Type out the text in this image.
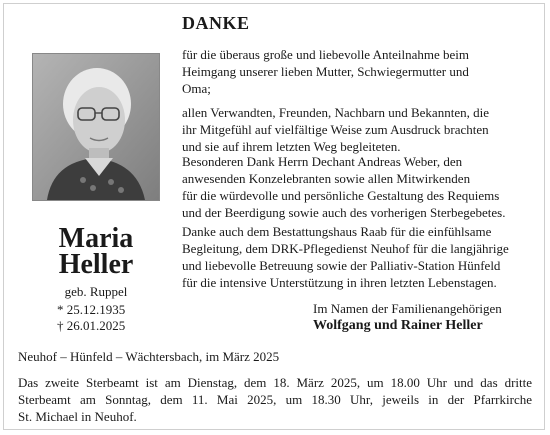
DANKE

für die überaus große und liebevolle Anteilnahme beim
Heimgang unserer lieben Mutter, Schwiegermutter und
Oma;

allen Verwandten, Freunden, Nachbarn und Bekannten, die
ihr Mitgefühl auf vielfältige Weise zum Ausdruck brachten
und sie auf ihrem letzten Weg begleiteten.

Besonderen Dank Herrn Dechant Andreas Weber, den
anwesenden Konzelebranten sowie allen Mitwirkenden
für die würdevolle und persönliche Gestaltung des Requiems
und der Beerdigung sowie auch des vorherigen Sterbegebetes.

Danke auch dem Bestattungshaus Raab für die einfühlsame
Begleitung, dem DRK-Pflegedienst Neuhof für die langjährige
und liebevolle Betreuung sowie der Palliativ-Station Hünfeld
für die intensive Unterstützung in ihren letzten Lebenstagen.

Maria
Heller
geb. Ruppel
* 25.12.1935
† 26.01.2025
Im Namen der Familienangehörigen
Wolfgang und Rainer Heller
Neuhof – Hünfeld – Wächtersbach, im März 2025
Das zweite Sterbeamt ist am Dienstag, dem 18. März 2025, um 18.00 Uhr und das dritte
Sterbeamt am Sonntag, dem 11. Mai 2025, um 18.30 Uhr, jeweils in der Pfarrkirche
St. Michael in Neuhof.
